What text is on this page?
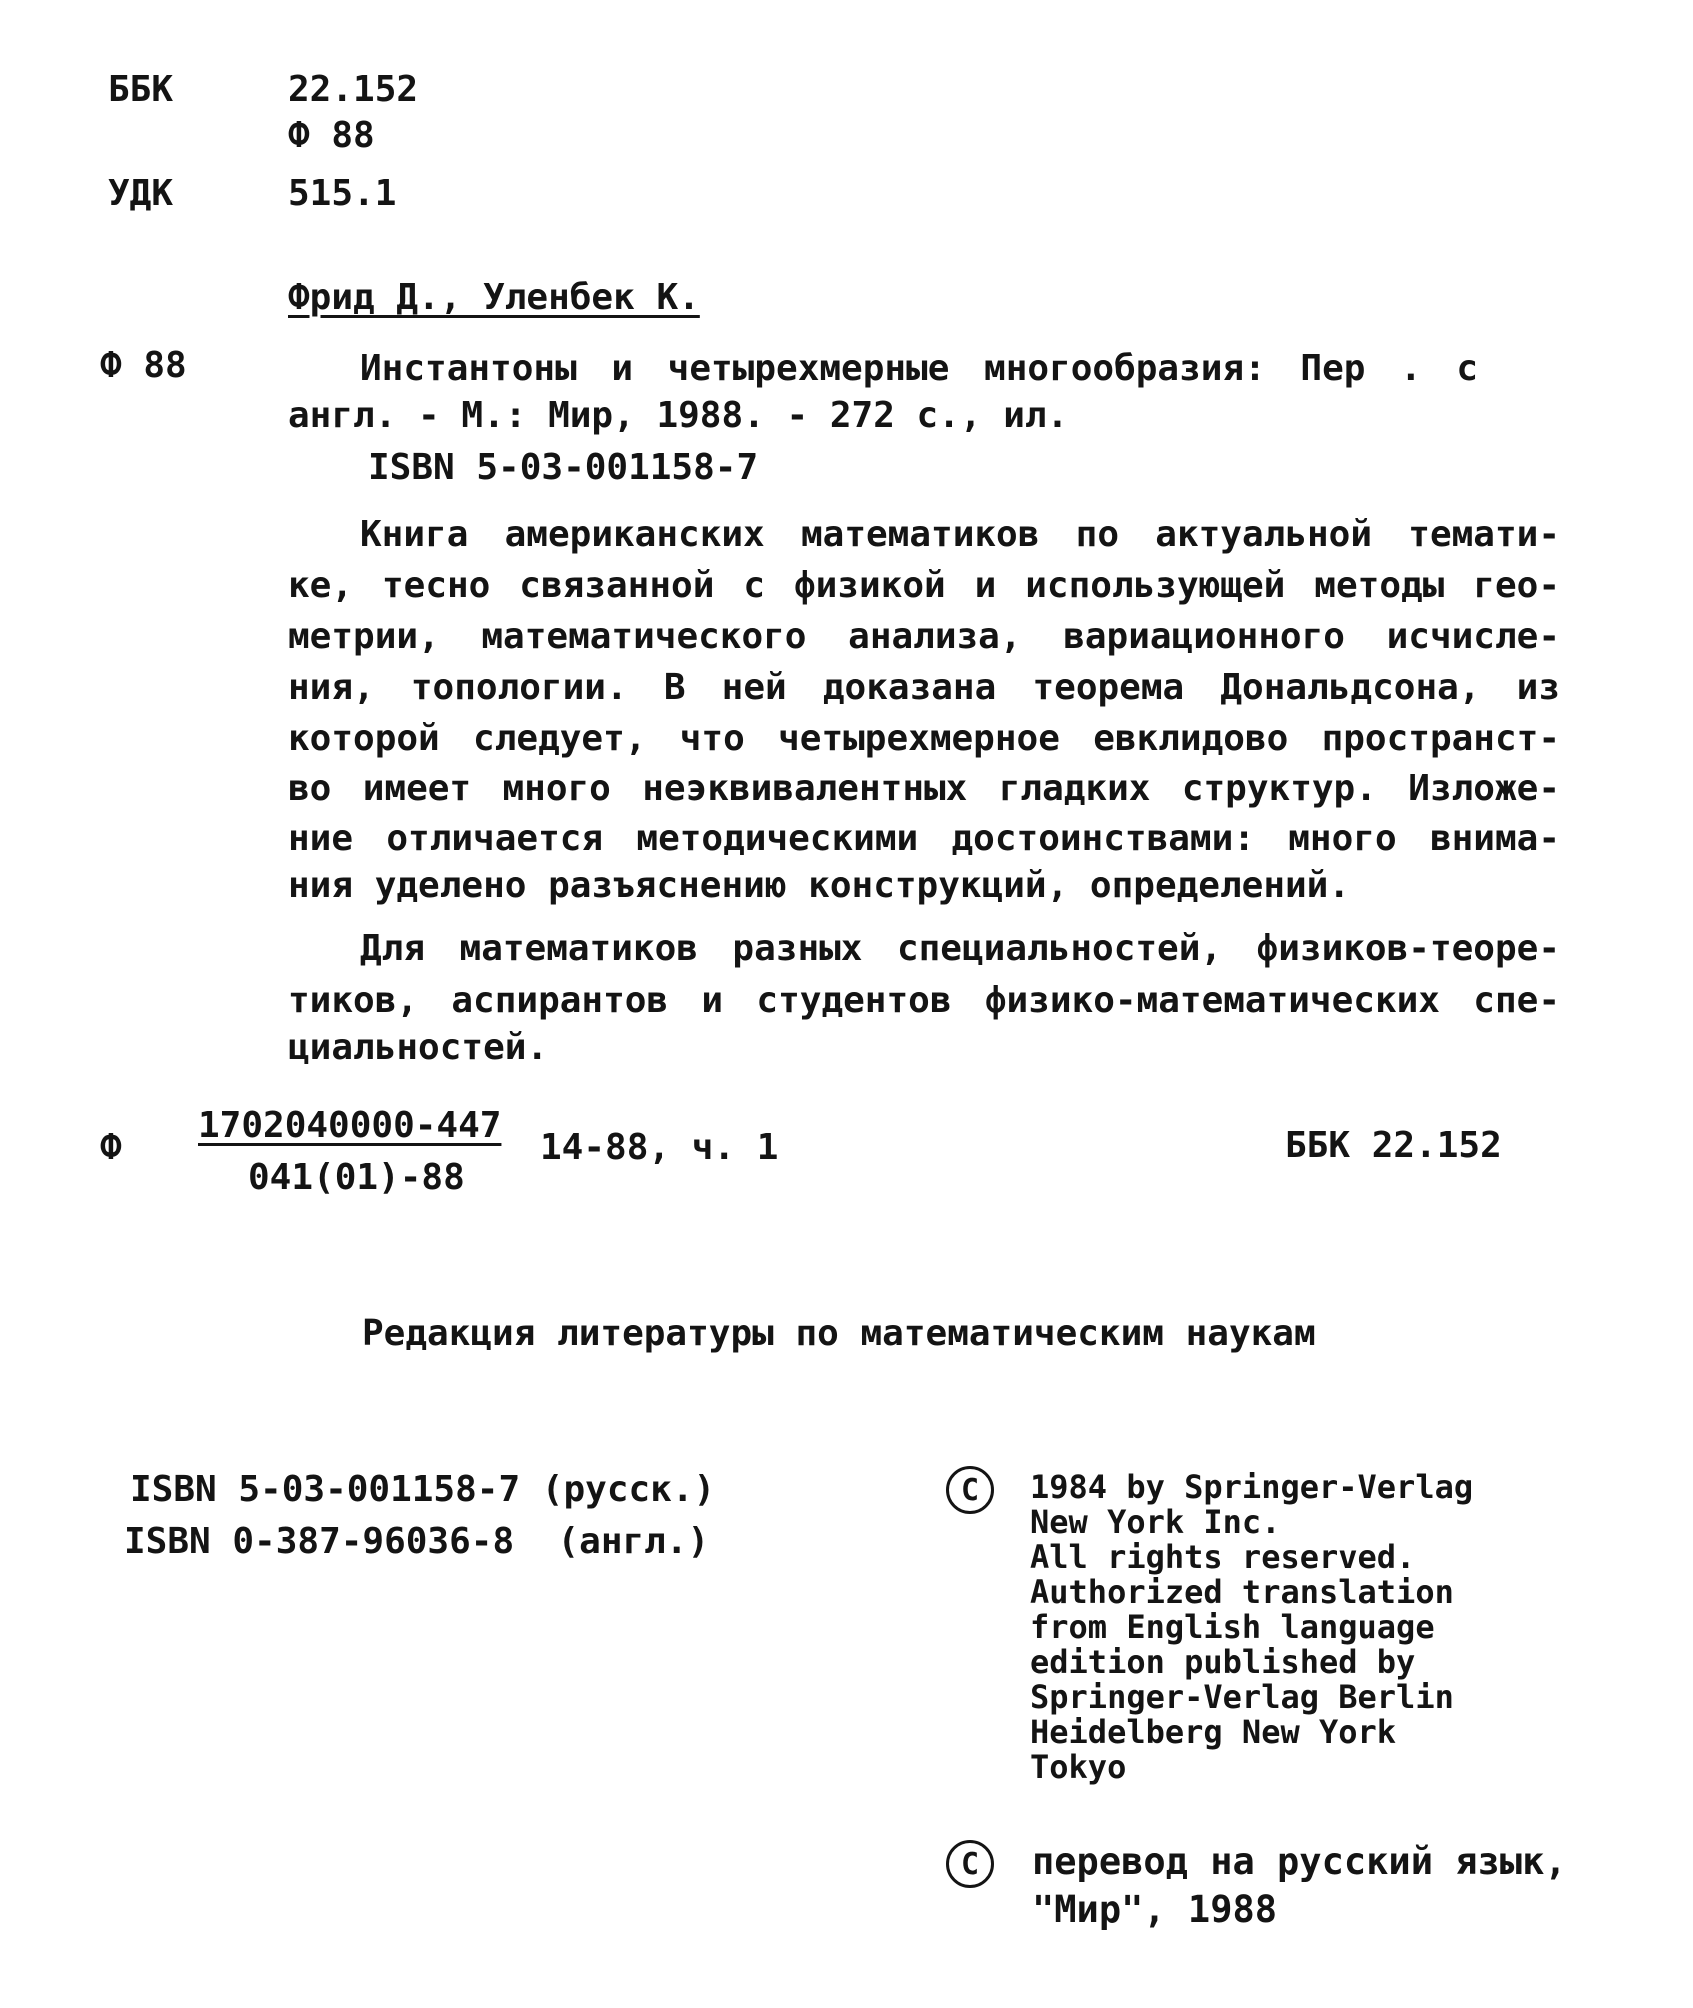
ББК	22.152
Ф 88
УДК	515.1
Фрид Д., Уленбек К.
Ф 88	Инстантоны и четырехмерные многообразия: Пер . с
англ. - М.: Мир, 1988. - 272 с., ил.
ISBN 5-03-001158-7
Книга американских математиков по актуальной темати-
ке, тесно связанной с физикой и использующей методы гео-
метрии, математического анализа, вариационного исчисле-
ния, топологии. В ней доказана теорема Дональдсона, из
которой следует, что четырехмерное евклидово пространст-
во имеет много неэквивалентных гладких структур. Изложе-
ние отличается методическими достоинствами: много внима-
ния уделено разъяснению конструкций, определений.
Для математиков разных специальностей, физиков-теоре-
тиков, аспирантов и студентов физико-математических спе-
циальностей.
Ф
1702040000-447
041(01)-88
14-88, ч. 1	ББК 22.152
Редакция литературы по математическим наукам
ISBN 5-03-001158-7 (русск.)
ISBN 0-387-96036-8  (англ.)
C	1984 by Springer-Verlag
New York Inc.
All rights reserved.
Authorized translation
from English language
edition published by
Springer-Verlag Berlin
Heidelberg New York
Tokyo
C	перевод на русский язык,
"Мир", 1988
